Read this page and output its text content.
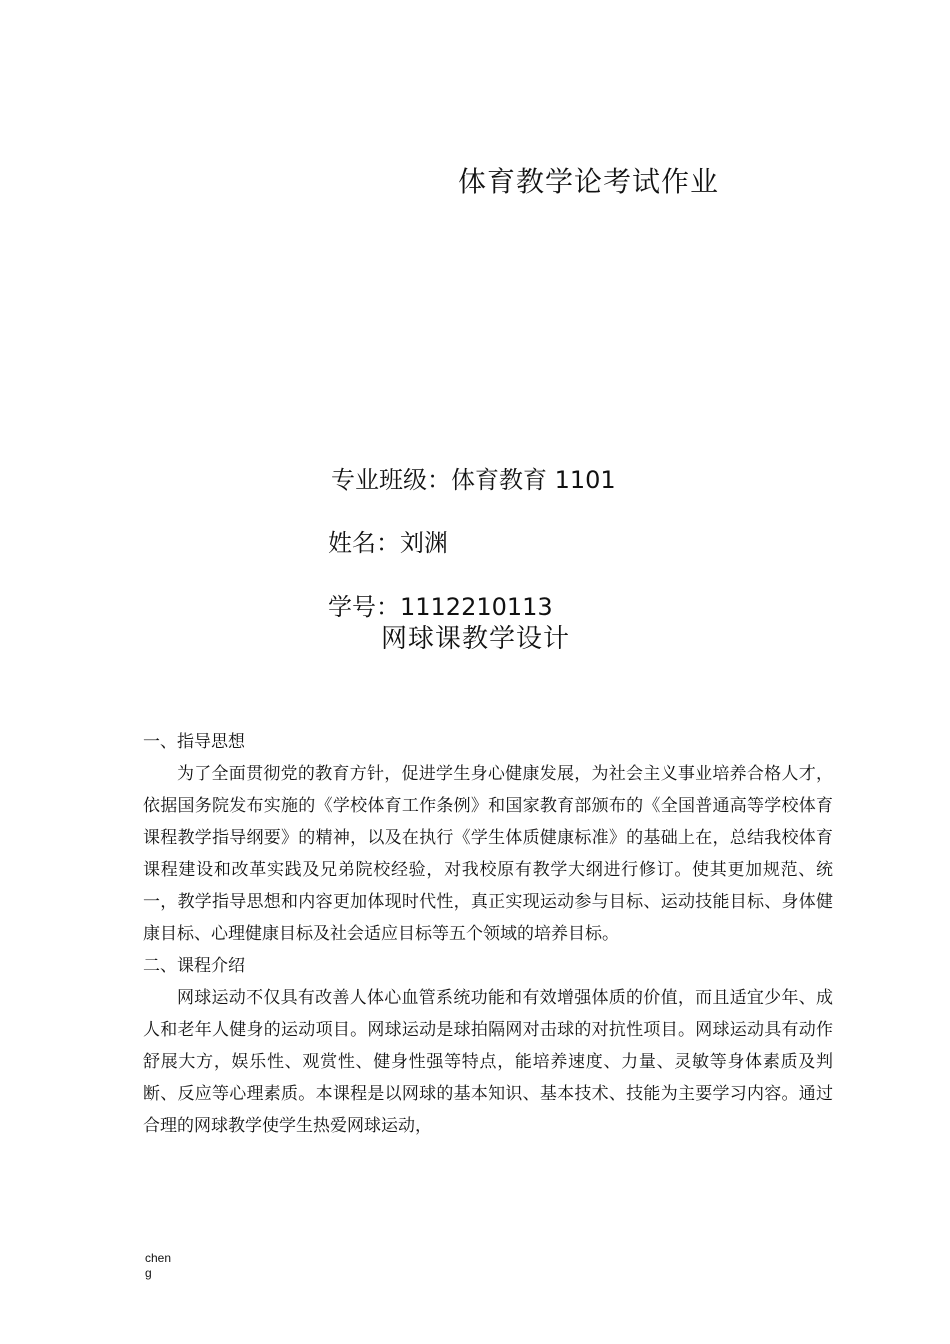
体育教学论考试作业
专业班级：体育教育 1101
姓名：刘渊
学号：1112210113
网球课教学设计

一、指导思想

为了全面贯彻党的教育方针，促进学生身心健康发展，为社会主义事业培养合格人才，依据国务院发布实施的《学校体育工作条例》和国家教育部颁布的《全国普通高等学校体育课程教学指导纲要》的精神，以及在执行《学生体质健康标准》的基础上在，总结我校体育课程建设和改革实践及兄弟院校经验，对我校原有教学大纲进行修订。使其更加规范、统一，教学指导思想和内容更加体现时代性，真正实现运动参与目标、运动技能目标、身体健康目标、心理健康目标及社会适应目标等五个领域的培养目标。

二、课程介绍

网球运动不仅具有改善人体心血管系统功能和有效增强体质的价值，而且适宜少年、成人和老年人健身的运动项目。网球运动是球拍隔网对击球的对抗性项目。网球运动具有动作舒展大方，娱乐性、观赏性、健身性强等特点，能培养速度、力量、灵敏等身体素质及判断、反应等心理素质。本课程是以网球的基本知识、基本技术、技能为主要学习内容。通过合理的网球教学使学生热爱网球运动，

chen
g
